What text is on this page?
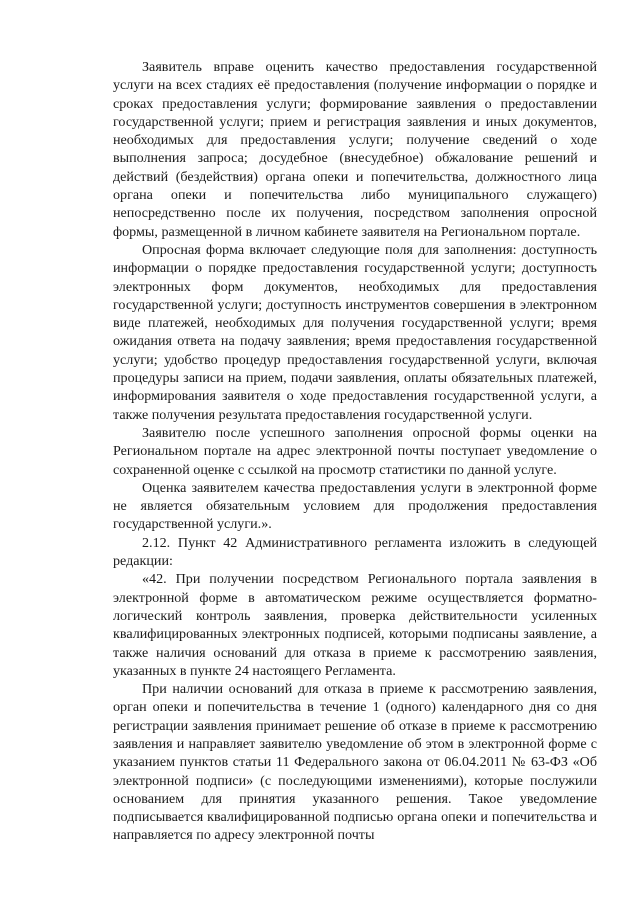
Заявитель вправе оценить качество предоставления государственной услуги на всех стадиях её предоставления (получение информации о порядке и сроках предоставления услуги; формирование заявления о предоставлении государственной услуги; прием и регистрация заявления и иных документов, необходимых для предоставления услуги; получение сведений о ходе выполнения запроса; досудебное (внесудебное) обжалование решений и действий (бездействия) органа опеки и попечительства, должностного лица органа опеки и попечительства либо муниципального служащего) непосредственно после их получения, посредством заполнения опросной формы, размещенной в личном кабинете заявителя на Региональном портале.

Опросная форма включает следующие поля для заполнения: доступность информации о порядке предоставления государственной услуги; доступность электронных форм документов, необходимых для предоставления государственной услуги; доступность инструментов совершения в электронном виде платежей, необходимых для получения государственной услуги; время ожидания ответа на подачу заявления; время предоставления государственной услуги; удобство процедур предоставления государственной услуги, включая процедуры записи на прием, подачи заявления, оплаты обязательных платежей, информирования заявителя о ходе предоставления государственной услуги, а также получения результата предоставления государственной услуги.

Заявителю после успешного заполнения опросной формы оценки на Региональном портале на адрес электронной почты поступает уведомление о сохраненной оценке с ссылкой на просмотр статистики по данной услуге.

Оценка заявителем качества предоставления услуги в электронной форме не является обязательным условием для продолжения предоставления государственной услуги.».

2.12. Пункт 42 Административного регламента изложить в следующей редакции:

«42. При получении посредством Регионального портала заявления в электронной форме в автоматическом режиме осуществляется форматно-логический контроль заявления, проверка действительности усиленных квалифицированных электронных подписей, которыми подписаны заявление, а также наличия оснований для отказа в приеме к рассмотрению заявления, указанных в пункте 24 настоящего Регламента.

При наличии оснований для отказа в приеме к рассмотрению заявления, орган опеки и попечительства в течение 1 (одного) календарного дня со дня регистрации заявления принимает решение об отказе в приеме к рассмотрению заявления и направляет заявителю уведомление об этом в электронной форме с указанием пунктов статьи 11 Федерального закона от 06.04.2011 № 63-ФЗ «Об электронной подписи» (с последующими изменениями), которые послужили основанием для принятия указанного решения. Такое уведомление подписывается квалифицированной подписью органа опеки и попечительства и направляется по адресу электронной почты
